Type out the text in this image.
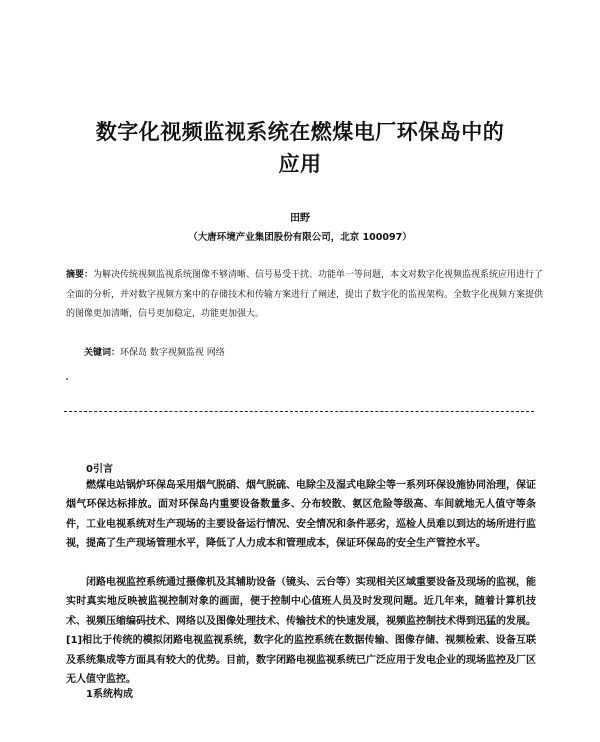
数字化视频监视系统在燃煤电厂环保岛中的
应用
田野
（大唐环境产业集团股份有限公司，北京 100097）

摘要：为解决传统视频监视系统图像不够清晰、信号易受干扰、功能单一等问题，本文对数字化视频监视系统应用进行了全面的分析，并对数字视频方案中的存储技术和传输方案进行了阐述，提出了数字化的监视架构。全数字化视频方案提供的图像更加清晰，信号更加稳定，功能更加强大。

关键词：环保岛 数字视频监视 网络

0引言

燃煤电站锅炉环保岛采用烟气脱硝、烟气脱硫、电除尘及湿式电除尘等一系列环保设施协同治理，保证烟气环保达标排放。面对环保岛内重要设备数量多、分布较散、氨区危险等级高、车间就地无人值守等条件，工业电视系统对生产现场的主要设备运行情况、安全情况和条件恶劣，巡检人员难以到达的场所进行监视，提高了生产现场管理水平，降低了人力成本和管理成本，保证环保岛的安全生产管控水平。

闭路电视监控系统通过摄像机及其辅助设备（镜头、云台等）实现相关区域重要设备及现场的监视，能实时真实地反映被监视控制对象的画面，便于控制中心值班人员及时发现问题。近几年来，随着计算机技术、视频压缩编码技术、网络以及图像处理技术、传输技术的快速发展，视频监控制技术得到迅猛的发展。[1]相比于传统的模拟闭路电视监视系统，数字化的监控系统在数据传输、图像存储、视频检索、设备互联及系统集成等方面具有较大的优势。目前，数字闭路电视监视系统已广泛应用于发电企业的现场监控及厂区无人值守监控。

1系统构成
